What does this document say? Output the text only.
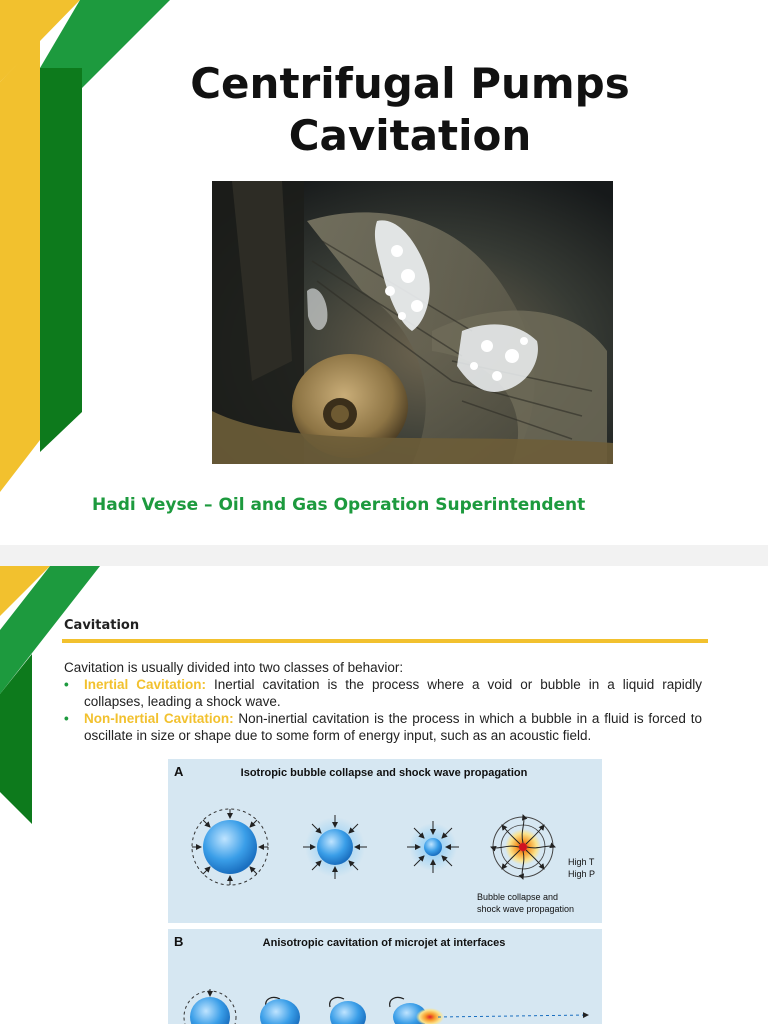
Centrifugal Pumps
Cavitation

Hadi Veyse – Oil and Gas Operation Superintendent

Cavitation

Cavitation is usually divided into two classes of behavior:

• Inertial Cavitation: Inertial cavitation is the process where a void or bubble in a liquid rapidly collapses, leading a shock wave.
• Non-Inertial Cavitation: Non-inertial cavitation is the process in which a bubble in a fluid is forced to oscillate in size or shape due to some form of energy input, such as an acoustic field.
A	Isotropic bubble collapse and shock wave propagation
High T
High P
Bubble collapse and
shock wave propagation
B	Anisotropic cavitation of microjet at interfaces
